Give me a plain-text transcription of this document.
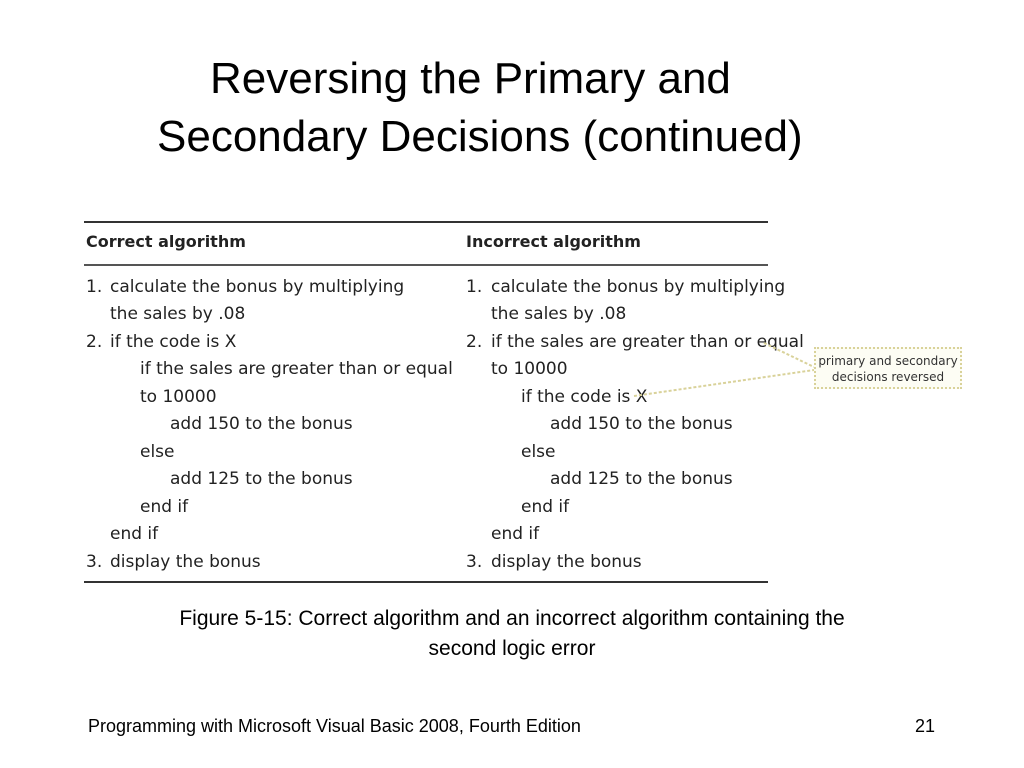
Reversing the Primary and
Secondary Decisions (continued)
Correct algorithm
1. calculate the bonus by multiplying
the sales by .08
2. if the code is X
if the sales are greater than or equal
to 10000
add 150 to the bonus
else
add 125 to the bonus
end if
end if
3. display the bonus
Incorrect algorithm
1. calculate the bonus by multiplying
the sales by .08
2. if the sales are greater than or equal
to 10000
if the code is X
add 150 to the bonus
else
add 125 to the bonus
end if
end if
3. display the bonus
primary and secondary
decisions reversed
Figure 5-15: Correct algorithm and an incorrect algorithm containing the
second logic error
Programming with Microsoft Visual Basic 2008, Fourth Edition	21
